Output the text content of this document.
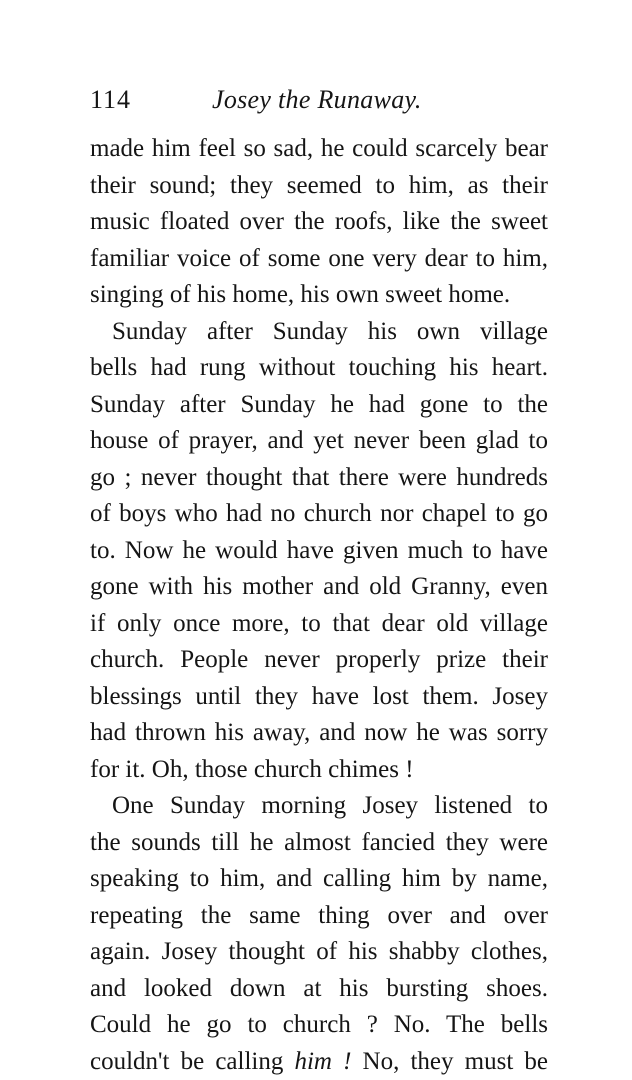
114	Josey the Runaway.
made him feel so sad, he could scarcely bear
their sound; they seemed to him, as their
music floated over the roofs, like the sweet
familiar voice of some one very dear to him,
singing of his home, his own sweet home.
Sunday after Sunday his own village
bells had rung without touching his heart.
Sunday after Sunday he had gone to the
house of prayer, and yet never been glad to
go ; never thought that there were hundreds
of boys who had no church nor chapel to go
to. Now he would have given much to have
gone with his mother and old Granny, even
if only once more, to that dear old village
church. People never properly prize their
blessings until they have lost them. Josey
had thrown his away, and now he was sorry
for it. Oh, those church chimes !
One Sunday morning Josey listened to
the sounds till he almost fancied they were
speaking to him, and calling him by name,
repeating the same thing over and over
again. Josey thought of his shabby clothes,
and looked down at his bursting shoes.
Could he go to church ? No. The bells
couldn't be calling him ! No, they must be
